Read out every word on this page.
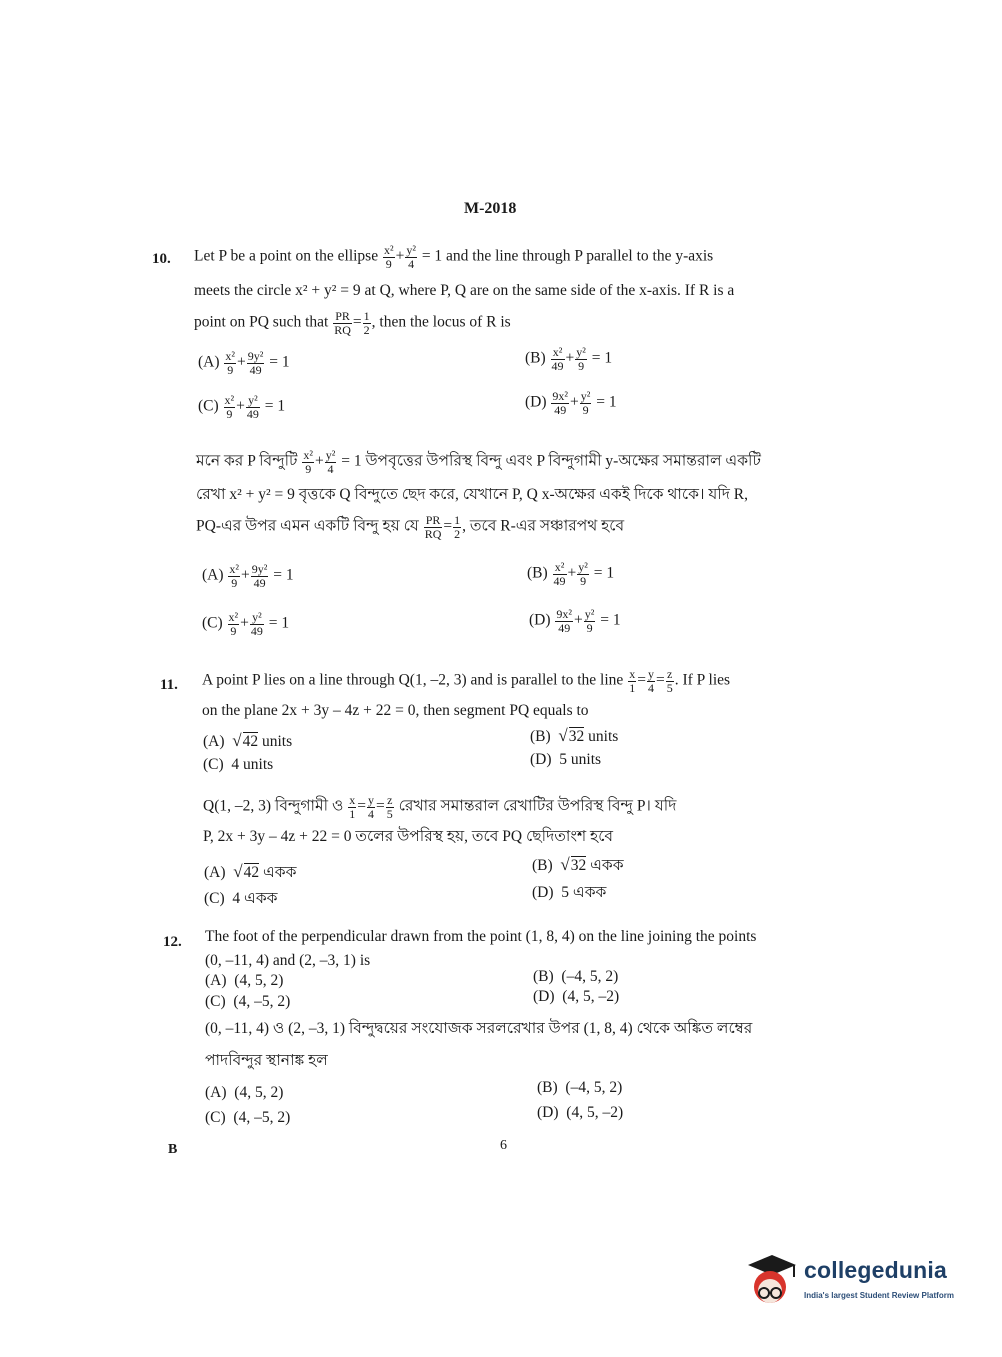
M-2018
10. Let P be a point on the ellipse $\frac{\text{x²}}{9} + \frac{\text{y²}}{4} = 1$ and the line through P parallel to the y-axis
meets the circle x² + y² = 9 at Q, where P, Q are on the same side of the x-axis. If R is a
point on PQ such that $\frac{PR}{RQ} = \frac{1}{2}$ , then the locus of R is
$(A) \frac{\text{x²}}{9} + \frac{\text{9y²}}{49} = 1$	$(B) \frac{\text{x²}}{49} + \frac{\text{y²}}{9} = 1$
$(C) \frac{\text{x²}}{9} + \frac{\text{y²}}{49} = 1$	$(D) \frac{\text{9x²}}{49} + \frac{\text{y²}}{9} = 1$
মনে কর P বিন্দুটি $\frac{\text{x²}}{9} + \frac{\text{y²}}{4} = 1$ উপবৃত্তের উপরিস্থ বিন্দু এবং P বিন্দুগামী y-অক্ষের সমান্তরাল একটি
রেখা x² + y² = 9 বৃত্তকে Q বিন্দুতে ছেদ করে, যেখানে P, Q x-অক্ষের একই দিকে থাকে। যদি R,
PQ-এর উপর এমন একটি বিন্দু হয় যে $\frac{PR}{RQ} = \frac{1}{2}$ , তবে R-এর সঞ্চারপথ হবে
$(A) \frac{\text{x²}}{9} + \frac{\text{9y²}}{49} = 1$	$(B) \frac{\text{x²}}{49} + \frac{\text{y²}}{9} = 1$
$(C) \frac{\text{x²}}{9} + \frac{\text{y²}}{49} = 1$	$(D) \frac{\text{9x²}}{49} + \frac{\text{y²}}{9} = 1$
11. A point P lies on a line through Q(1, –2, 3) and is parallel to the line $\frac{x}{1} = \frac{y}{4} = \frac{z}{5}$ . If P lies
on the plane 2x + 3y – 4z + 22 = 0, then segment PQ equals to
(A) √42 units	(B) √32 units
(C) 4 units	(D) 5 units
Q(1, –2, 3) বিন্দুগামী ও $\frac{x}{1} = \frac{y}{4} = \frac{z}{5}$ রেখার সমান্তরাল রেখাটির উপরিস্থ বিন্দু P। যদি
P, 2x + 3y – 4z + 22 = 0 তলের উপরিস্থ হয়, তবে PQ ছেদিতাংশ হবে
(A) √42 একক	(B) √32 একক
(C) 4 একক	(D) 5 একক
12. The foot of the perpendicular drawn from the point (1, 8, 4) on the line joining the points
(0, –11, 4) and (2, –3, 1) is
(A) (4, 5, 2)	(B) (–4, 5, 2)
(C) (4, –5, 2)	(D) (4, 5, –2)
(0, –11, 4) ও (2, –3, 1) বিন্দুদ্বয়ের সংযোজক সরলরেখার উপর (1, 8, 4) থেকে অঙ্কিত লম্বের
পাদবিন্দুর স্থানাঙ্ক হল
(A) (4, 5, 2)	(B) (–4, 5, 2)
(C) (4, –5, 2)	(D) (4, 5, –2)
B	6
collegedunia
India's largest Student Review Platform
